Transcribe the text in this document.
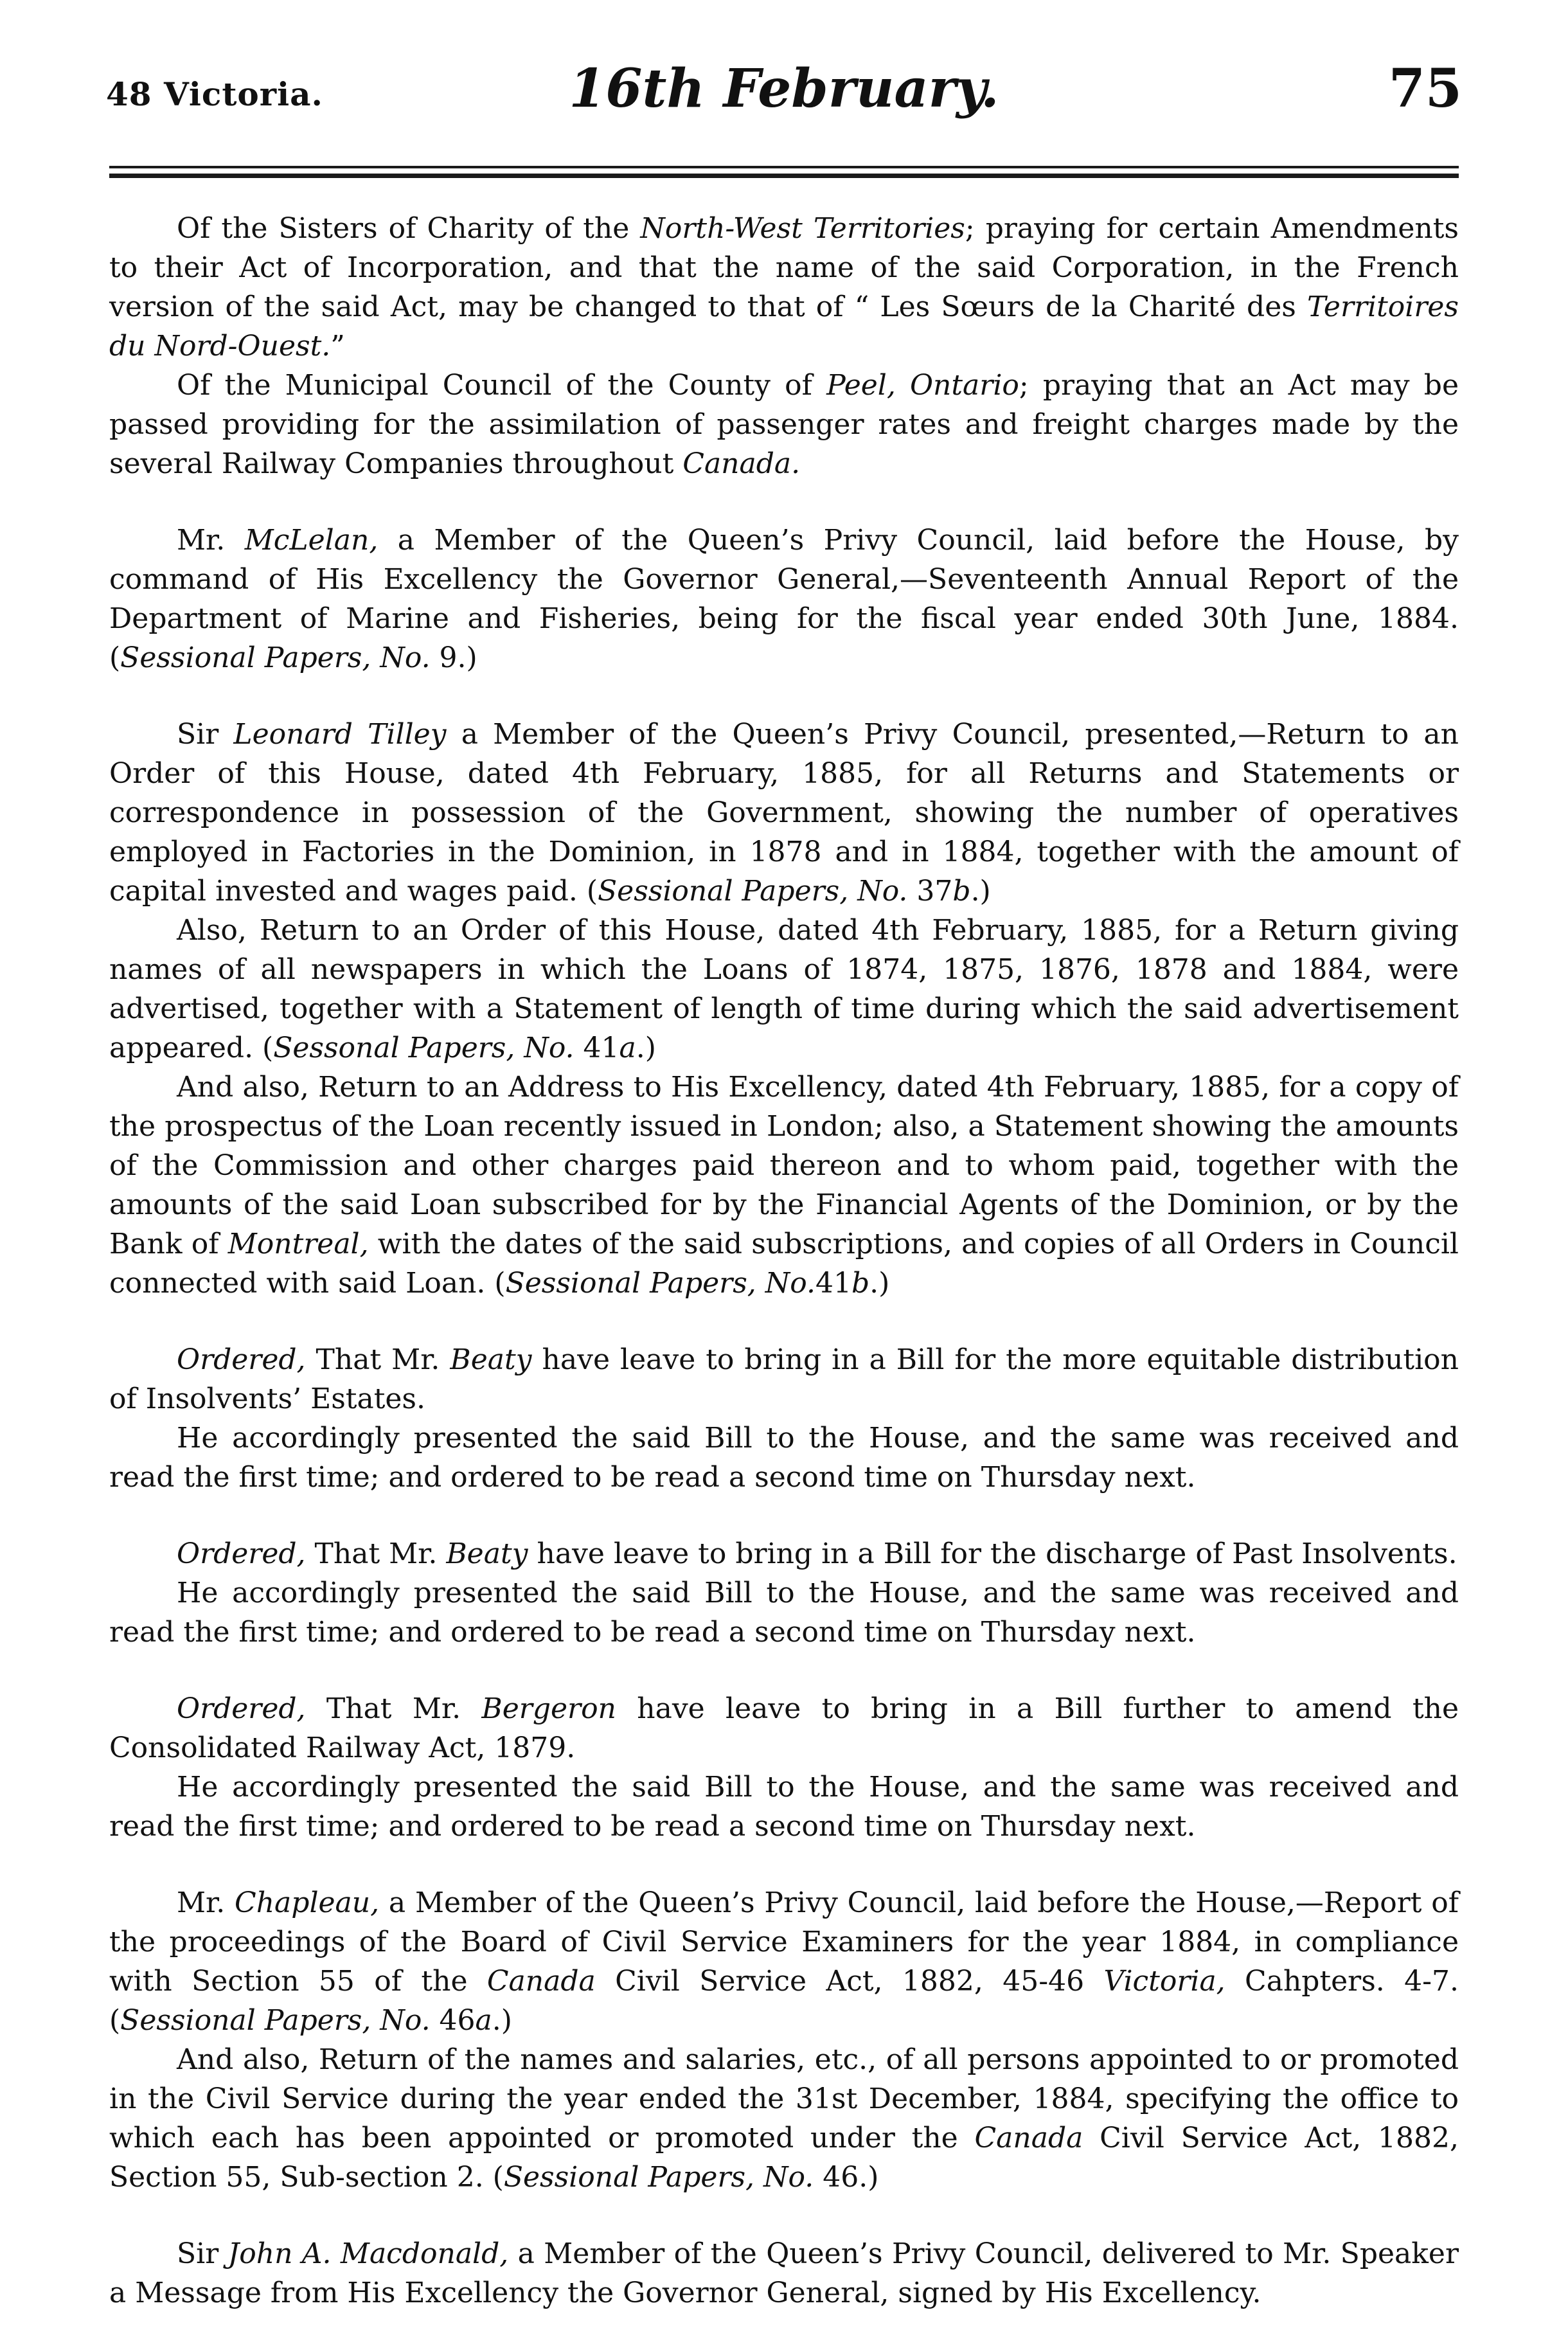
48 Victoria.	16th February.	75

Of the Sisters of Charity of the North-West Territories; praying for certain Amendments to their Act of Incorporation, and that the name of the said Corporation, in the French version of the said Act, may be changed to that of “ Les Sœurs de la Charité des Territoires du Nord-Ouest.”

Of the Municipal Council of the County of Peel, Ontario; praying that an Act may be passed providing for the assimilation of passenger rates and freight charges made by the several Railway Companies throughout Canada.

Mr. McLelan, a Member of the Queen’s Privy Council, laid before the House, by command of His Excellency the Governor General,—Seventeenth Annual Report of the Department of Marine and Fisheries, being for the fiscal year ended 30th June, 1884. (Sessional Papers, No. 9.)

Sir Leonard Tilley a Member of the Queen’s Privy Council, presented,—Return to an Order of this House, dated 4th February, 1885, for all Returns and Statements or correspondence in possession of the Government, showing the number of operatives employed in Factories in the Dominion, in 1878 and in 1884, together with the amount of capital invested and wages paid. (Sessional Papers, No. 37b.)

Also, Return to an Order of this House, dated 4th February, 1885, for a Return giving names of all newspapers in which the Loans of 1874, 1875, 1876, 1878 and 1884, were advertised, together with a Statement of length of time during which the said advertisement appeared. (Sessonal Papers, No. 41a.)

And also, Return to an Address to His Excellency, dated 4th February, 1885, for a copy of the prospectus of the Loan recently issued in London; also, a Statement showing the amounts of the Commission and other charges paid thereon and to whom paid, together with the amounts of the said Loan subscribed for by the Financial Agents of the Dominion, or by the Bank of Montreal, with the dates of the said subscriptions, and copies of all Orders in Council connected with said Loan. (Sessional Papers, No.41b.)

Ordered, That Mr. Beaty have leave to bring in a Bill for the more equitable distribution of Insolvents’ Estates.

He accordingly presented the said Bill to the House, and the same was received and read the first time; and ordered to be read a second time on Thursday next.

Ordered, That Mr. Beaty have leave to bring in a Bill for the discharge of Past Insolvents.

He accordingly presented the said Bill to the House, and the same was received and read the first time; and ordered to be read a second time on Thursday next.

Ordered, That Mr. Bergeron have leave to bring in a Bill further to amend the Consolidated Railway Act, 1879.

He accordingly presented the said Bill to the House, and the same was received and read the first time; and ordered to be read a second time on Thursday next.

Mr. Chapleau, a Member of the Queen’s Privy Council, laid before the House,—Report of the proceedings of the Board of Civil Service Examiners for the year 1884, in compliance with Section 55 of the Canada Civil Service Act, 1882, 45-46 Victoria, Cahpters. 4-7. (Sessional Papers, No. 46a.)

And also, Return of the names and salaries, etc., of all persons appointed to or promoted in the Civil Service during the year ended the 31st December, 1884, specifying the office to which each has been appointed or promoted under the Canada Civil Service Act, 1882, Section 55, Sub-section 2. (Sessional Papers, No. 46.)

Sir John A. Macdonald, a Member of the Queen’s Privy Council, delivered to Mr. Speaker a Message from His Excellency the Governor General, signed by His Excellency.
